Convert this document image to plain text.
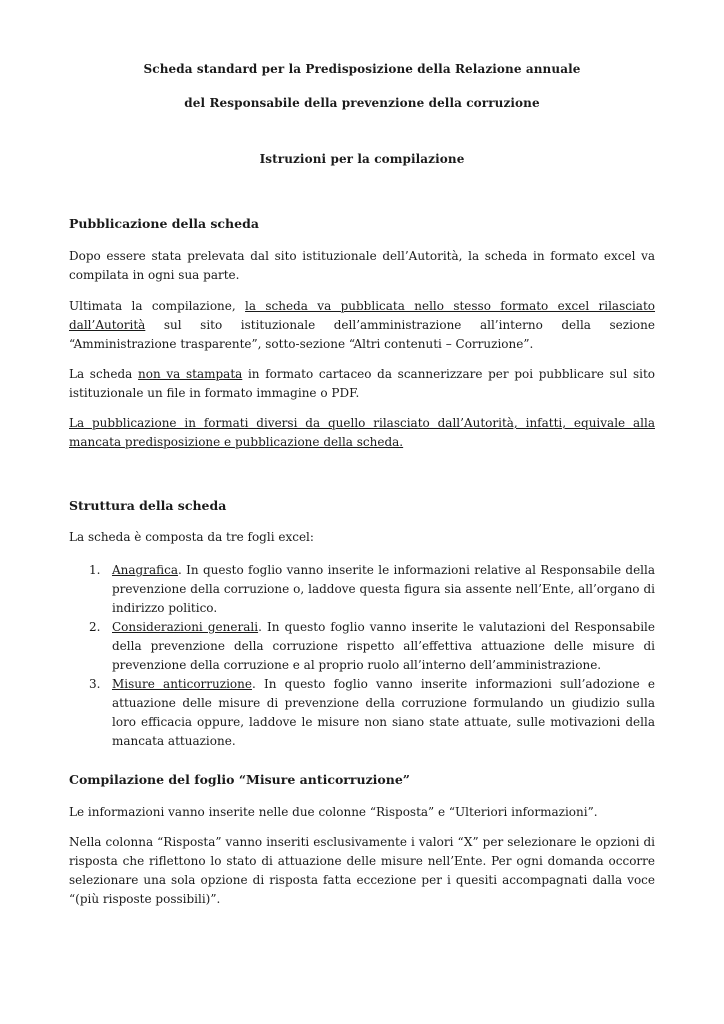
Scheda standard per la Predisposizione della Relazione annuale
del Responsabile della prevenzione della corruzione
Istruzioni per la compilazione
Pubblicazione della scheda

Dopo essere stata prelevata dal sito istituzionale dell’Autorità, la scheda in formato excel va compilata in ogni sua parte.

Ultimata la compilazione, la scheda va pubblicata nello stesso formato excel rilasciato dall’Autorità sul sito istituzionale dell’amministrazione all’interno della sezione “Amministrazione trasparente”, sotto-sezione “Altri contenuti – Corruzione”.

La scheda non va stampata in formato cartaceo da scannerizzare per poi pubblicare sul sito istituzionale un file in formato immagine o PDF.

La pubblicazione in formati diversi da quello rilasciato dall’Autorità, infatti, equivale alla mancata predisposizione e pubblicazione della scheda.

Struttura della scheda

La scheda è composta da tre fogli excel:

1. Anagrafica. In questo foglio vanno inserite le informazioni relative al Responsabile della prevenzione della corruzione o, laddove questa figura sia assente nell’Ente, all’organo di indirizzo politico.
2. Considerazioni generali. In questo foglio vanno inserite le valutazioni del Responsabile della prevenzione della corruzione rispetto all’effettiva attuazione delle misure di prevenzione della corruzione e al proprio ruolo all’interno dell’amministrazione.
3. Misure anticorruzione. In questo foglio vanno inserite informazioni sull’adozione e attuazione delle misure di prevenzione della corruzione formulando un giudizio sulla loro efficacia oppure, laddove le misure non siano state attuate, sulle motivazioni della mancata attuazione.
Compilazione del foglio “Misure anticorruzione”

Le informazioni vanno inserite nelle due colonne “Risposta” e “Ulteriori informazioni”.

Nella colonna “Risposta” vanno inseriti esclusivamente i valori “X” per selezionare le opzioni di risposta che riflettono lo stato di attuazione delle misure nell’Ente. Per ogni domanda occorre selezionare una sola opzione di risposta fatta eccezione per i quesiti accompagnati dalla voce “(più risposte possibili)”.
